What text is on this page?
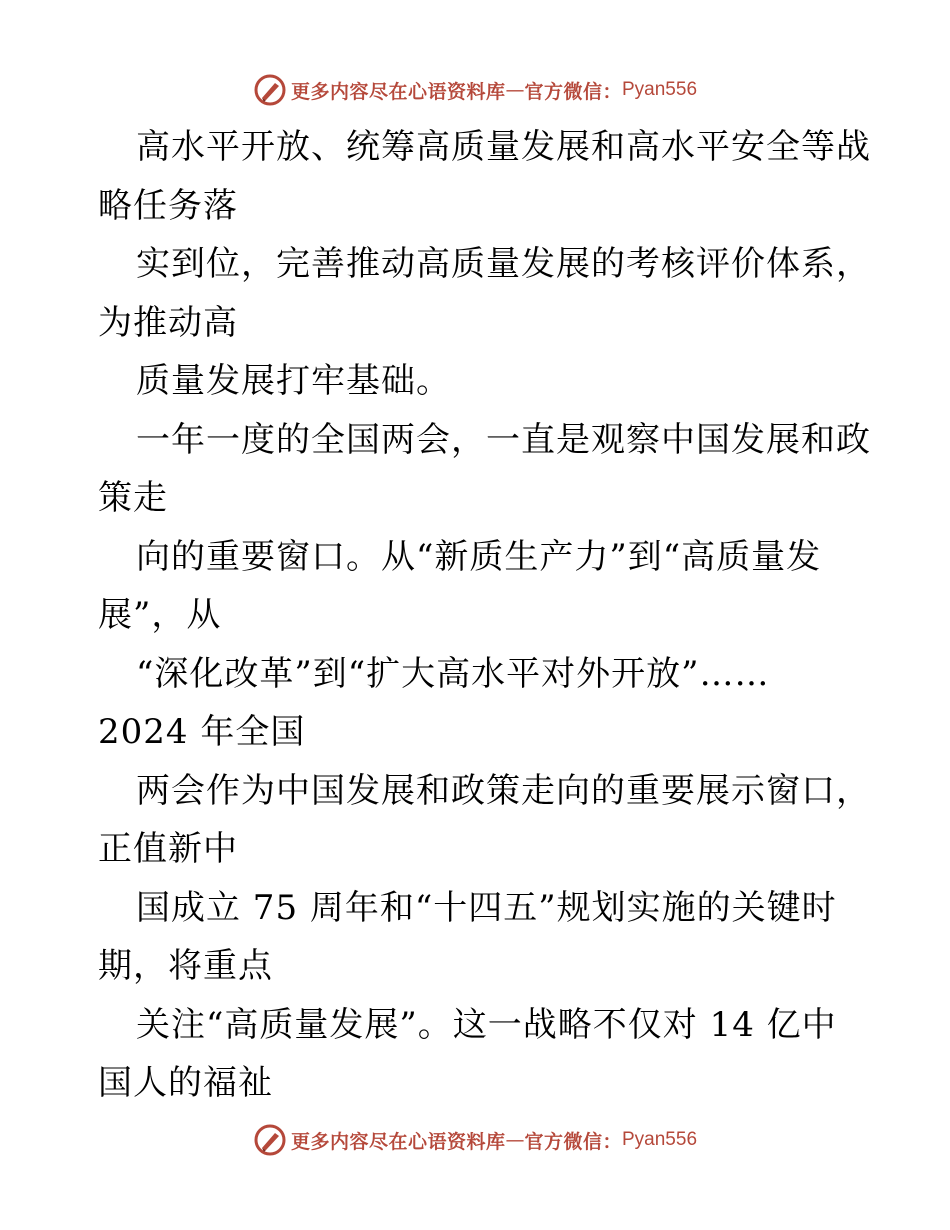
更多内容尽在心语资料库 — 官方微信： Pyan556
高水平开放、统筹高质量发展和高水平安全等战
略任务落
实到位，完善推动高质量发展的考核评价体系，
为推动高
质量发展打牢基础。
一年一度的全国两会，一直是观察中国发展和政
策走
向的重要窗口。从“新质生产力”到“高质量发
展”，从
“深化改革”到“扩大高水平对外开放”……
2024 年全国
两会作为中国发展和政策走向的重要展示窗口，
正值新中
国成立 75 周年和“十四五”规划实施的关键时
期，将重点
关注“高质量发展”。这一战略不仅对 14 亿中
国人的福祉
更多内容尽在心语资料库 — 官方微信： Pyan556
